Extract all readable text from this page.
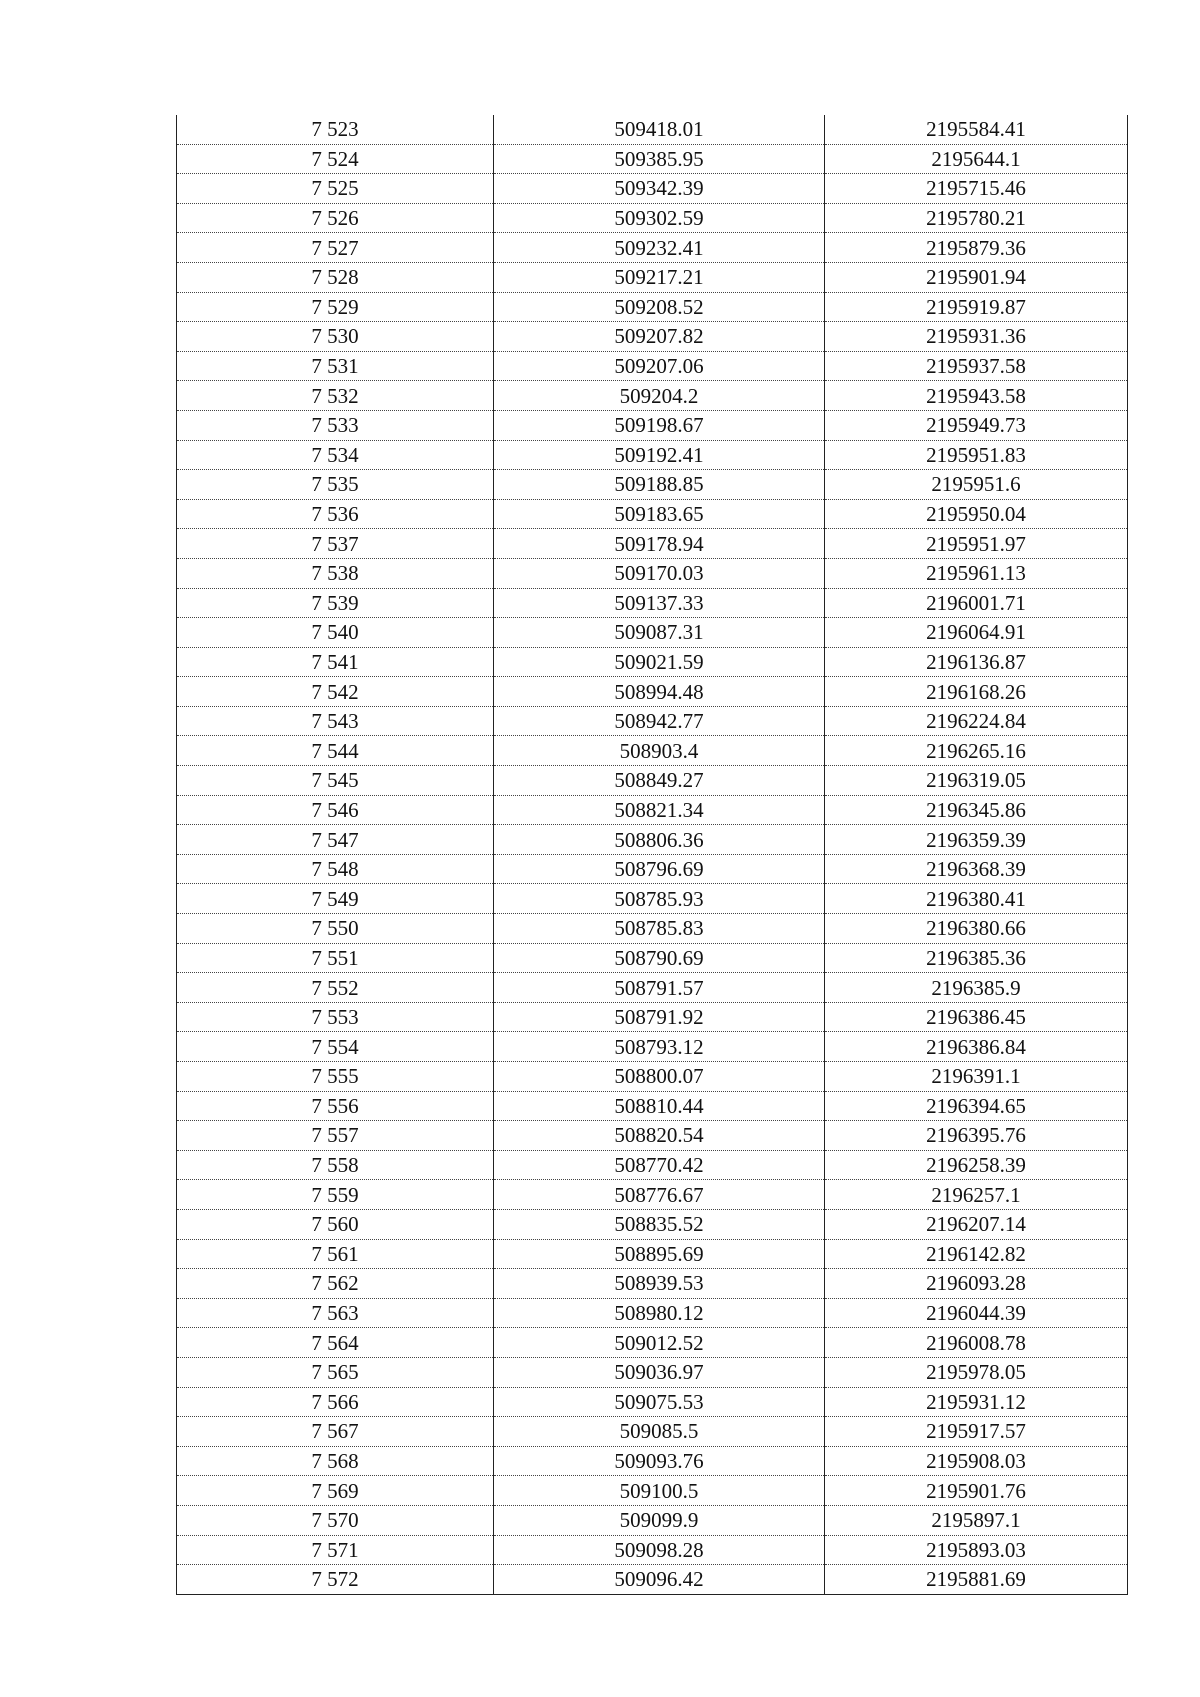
7 523	509418.01	2195584.41
7 524	509385.95	2195644.1
7 525	509342.39	2195715.46
7 526	509302.59	2195780.21
7 527	509232.41	2195879.36
7 528	509217.21	2195901.94
7 529	509208.52	2195919.87
7 530	509207.82	2195931.36
7 531	509207.06	2195937.58
7 532	509204.2	2195943.58
7 533	509198.67	2195949.73
7 534	509192.41	2195951.83
7 535	509188.85	2195951.6
7 536	509183.65	2195950.04
7 537	509178.94	2195951.97
7 538	509170.03	2195961.13
7 539	509137.33	2196001.71
7 540	509087.31	2196064.91
7 541	509021.59	2196136.87
7 542	508994.48	2196168.26
7 543	508942.77	2196224.84
7 544	508903.4	2196265.16
7 545	508849.27	2196319.05
7 546	508821.34	2196345.86
7 547	508806.36	2196359.39
7 548	508796.69	2196368.39
7 549	508785.93	2196380.41
7 550	508785.83	2196380.66
7 551	508790.69	2196385.36
7 552	508791.57	2196385.9
7 553	508791.92	2196386.45
7 554	508793.12	2196386.84
7 555	508800.07	2196391.1
7 556	508810.44	2196394.65
7 557	508820.54	2196395.76
7 558	508770.42	2196258.39
7 559	508776.67	2196257.1
7 560	508835.52	2196207.14
7 561	508895.69	2196142.82
7 562	508939.53	2196093.28
7 563	508980.12	2196044.39
7 564	509012.52	2196008.78
7 565	509036.97	2195978.05
7 566	509075.53	2195931.12
7 567	509085.5	2195917.57
7 568	509093.76	2195908.03
7 569	509100.5	2195901.76
7 570	509099.9	2195897.1
7 571	509098.28	2195893.03
7 572	509096.42	2195881.69
